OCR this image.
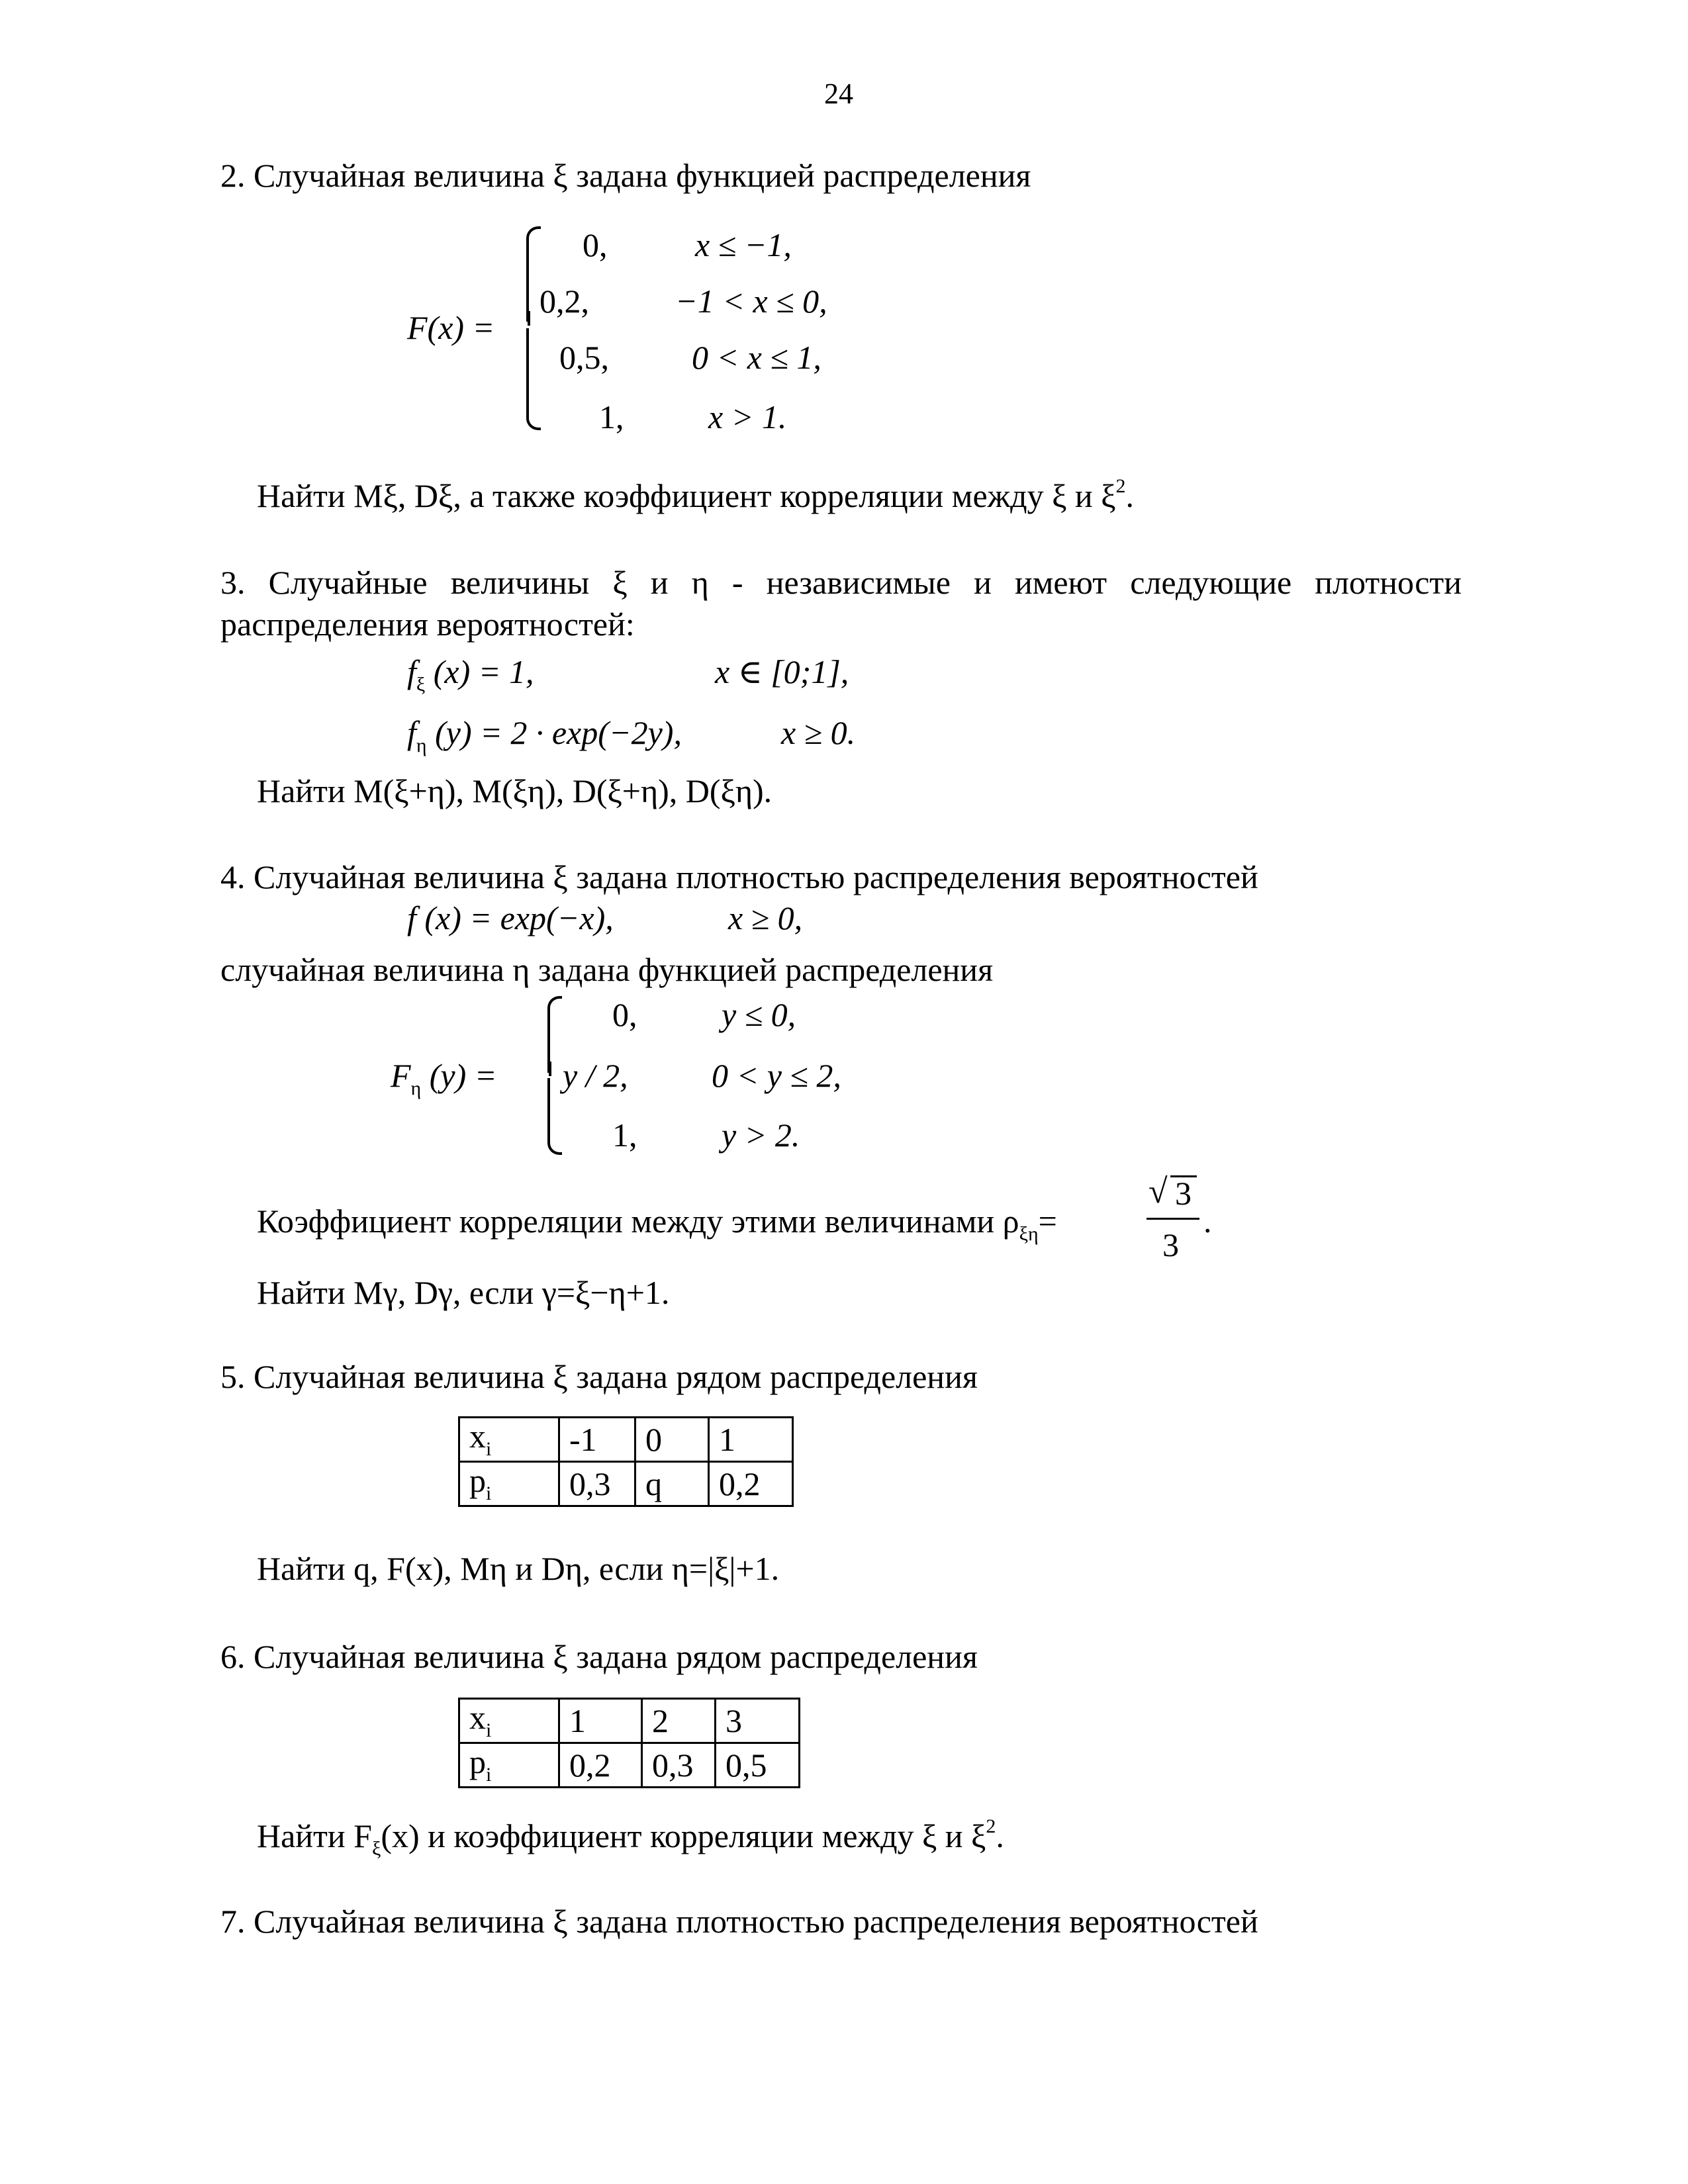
24
2. Случайная величина ξ задана функцией распределения
F(x) =
0,	x ≤ −1,
0,2,	−1 < x ≤ 0,
0,5,	0 < x ≤ 1,
1,	x > 1.
Найти Mξ, Dξ, а также коэффициент корреляции между ξ и $\xi^2$.
3. Случайные величины ξ и η - независимые и имеют следующие плотности
распределения вероятностей:
$f_\xi$ (x) = 1,	x ∈ [0;1],
$f_\eta$ (y) = 2 · exp(−2y),	x ≥ 0.
Найти M(ξ+η), M(ξη), D(ξ+η), D(ξη).
4. Случайная величина ξ задана плотностью распределения вероятностей
f (x) = exp(−x),	x ≥ 0,
случайная величина η задана функцией распределения
$F_\eta$ (y) =
0,	y ≤ 0,
y / 2,	0 < y ≤ 2,
1,	y > 2.
Коэффициент корреляции между этими величинами $\rho_{\xi\eta}=$
√ 3
3
.
Найти Mγ, Dγ, если γ=ξ−η+1.
5. Случайная величина ξ задана рядом распределения
$x_i$	-1	0	1
$p_i$	0,3	q	0,2
Найти q, F(x), Mη и Dη, если η=|ξ|+1.
6. Случайная величина ξ задана рядом распределения
$x_i$	1	2	3
$p_i$	0,2	0,3	0,5
Найти $F_\xi(x)$ и коэффициент корреляции между ξ и $\xi^2$.
7. Случайная величина ξ задана плотностью распределения вероятностей
